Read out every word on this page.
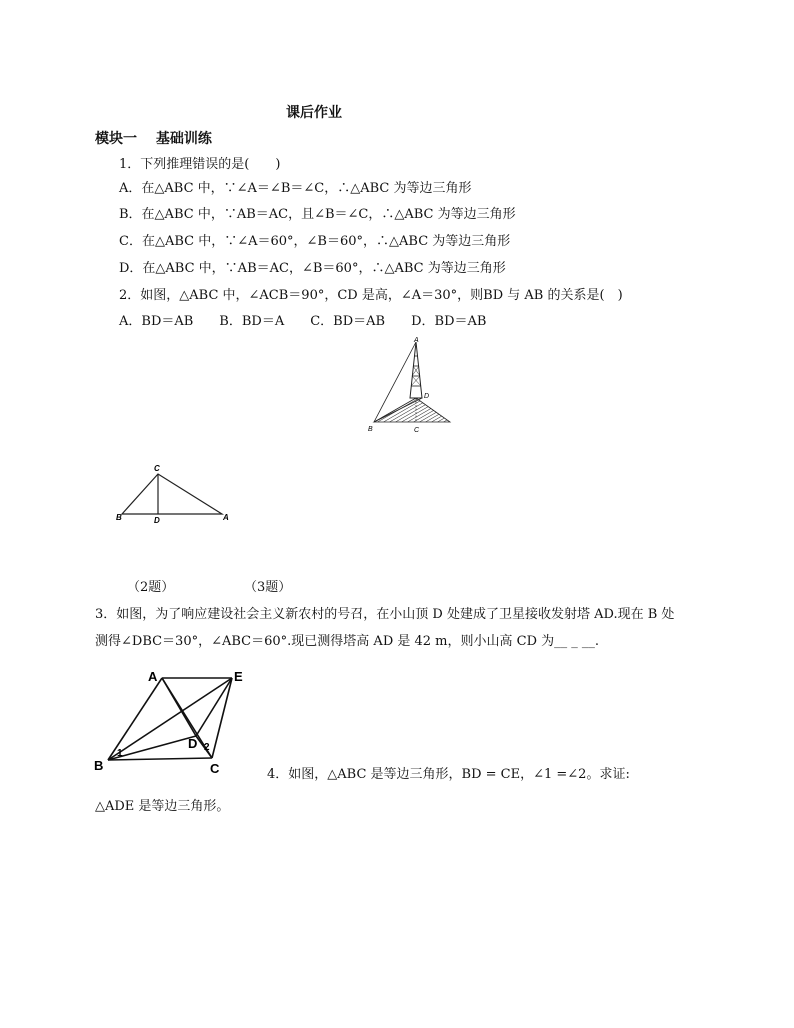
课后作业
模块一　 基础训练
1．下列推理错误的是(　　)
A．在△ABC 中，∵∠A＝∠B＝∠C，∴△ABC 为等边三角形
B．在△ABC 中，∵AB＝AC，且∠B＝∠C，∴△ABC 为等边三角形
C．在△ABC 中，∵∠A＝60°，∠B＝60°，∴△ABC 为等边三角形
D．在△ABC 中，∵AB＝AC，∠B＝60°，∴△ABC 为等边三角形
2．如图，△ABC 中，∠ACB＝90°，CD 是高，∠A＝30°，则BD 与 AB 的关系是(　)
A．BD＝AB　　B．BD＝A　　C．BD＝AB　　D．BD＝AB
A
B	C
D
C
B	D	A
（2题）	（3题）
3．如图，为了响应建设社会主义新农村的号召，在小山顶 D 处建成了卫星接收发射塔 AD.现在 B 处
测得∠DBC＝30°，∠ABC＝60°.现已测得塔高 AD 是 42 m，则小山高 CD 为__ _ __.
A	E
B	C
D
1
2
4．如图，△ABC 是等边三角形，BD = CE，∠1 =∠2。求证:
△ADE 是等边三角形。
